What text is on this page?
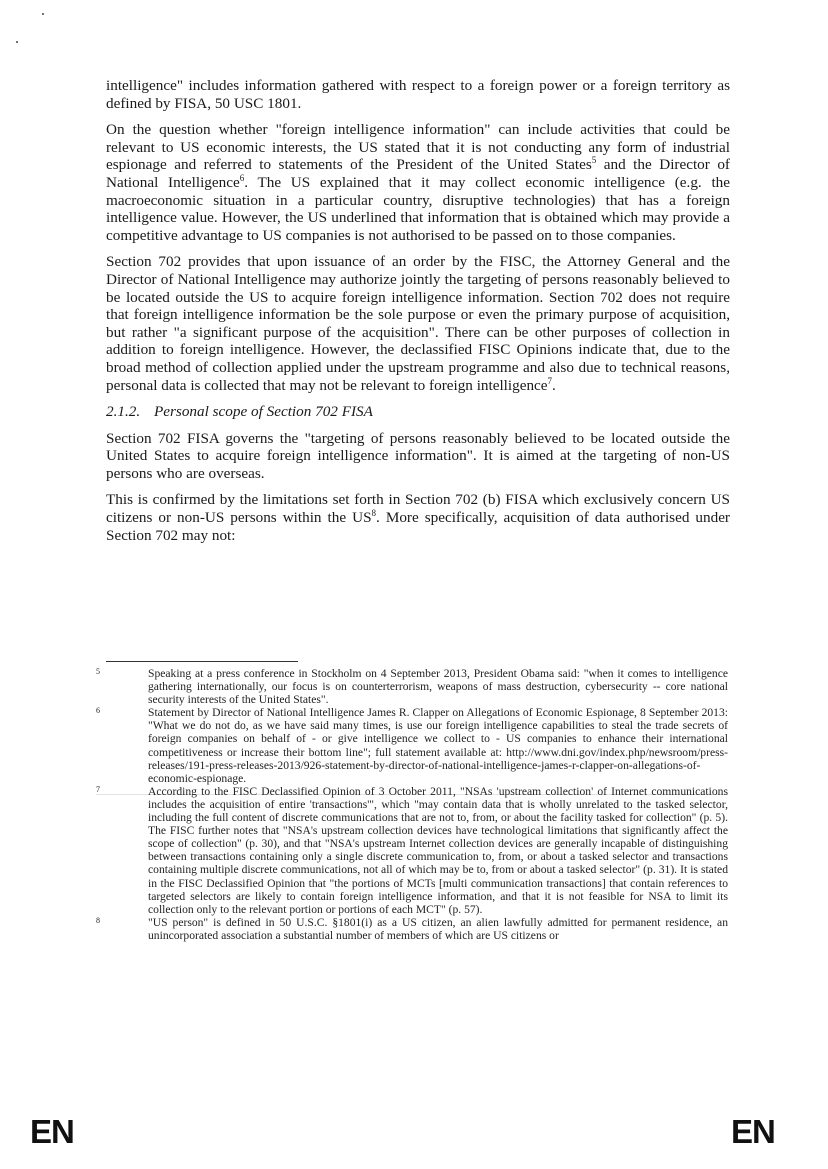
intelligence" includes information gathered with respect to a foreign power or a foreign territory as defined by FISA, 50 USC 1801.

On the question whether "foreign intelligence information" can include activities that could be relevant to US economic interests, the US stated that it is not conducting any form of industrial espionage and referred to statements of the President of the United States$^5$ and the Director of National Intelligence$^6$. The US explained that it may collect economic intelligence (e.g. the macroeconomic situation in a particular country, disruptive technologies) that has a foreign intelligence value. However, the US underlined that information that is obtained which may provide a competitive advantage to US companies is not authorised to be passed on to those companies.

Section 702 provides that upon issuance of an order by the FISC, the Attorney General and the Director of National Intelligence may authorize jointly the targeting of persons reasonably believed to be located outside the US to acquire foreign intelligence information. Section 702 does not require that foreign intelligence information be the sole purpose or even the primary purpose of acquisition, but rather "a significant purpose of the acquisition". There can be other purposes of collection in addition to foreign intelligence. However, the declassified FISC Opinions indicate that, due to the broad method of collection applied under the upstream programme and also due to technical reasons, personal data is collected that may not be relevant to foreign intelligence$^7$.

2.1.2. Personal scope of Section 702 FISA

Section 702 FISA governs the "targeting of persons reasonably believed to be located outside the United States to acquire foreign intelligence information". It is aimed at the targeting of non-US persons who are overseas.

This is confirmed by the limitations set forth in Section 702 (b) FISA which exclusively concern US citizens or non-US persons within the $US^8$. More specifically, acquisition of data authorised under Section 702 may not:

5	Speaking at a press conference in Stockholm on 4 September 2013, President Obama said: "when it comes to intelligence gathering internationally, our focus is on counterterrorism, weapons of mass destruction, cybersecurity -- core national security interests of the United States".

6	Statement by Director of National Intelligence James R. Clapper on Allegations of Economic Espionage, 8 September 2013: "What we do not do, as we have said many times, is use our foreign intelligence capabilities to steal the trade secrets of foreign companies on behalf of - or give intelligence we collect to - US companies to enhance their international competitiveness or increase their bottom line"; full statement available at: http://www.dni.gov/index.php/newsroom/press-releases/191-press-releases-2013/926-statement-by-director-of-national-intelligence-james-r-clapper-on-allegations-of-economic-espionage.

7	According to the FISC Declassified Opinion of 3 October 2011, "NSAs 'upstream collection' of Internet communications includes the acquisition of entire 'transactions'", which "may contain data that is wholly unrelated to the tasked selector, including the full content of discrete communications that are not to, from, or about the facility tasked for collection" (p. 5). The FISC further notes that "NSA's upstream collection devices have technological limitations that significantly affect the scope of collection" (p. 30), and that "NSA's upstream Internet collection devices are generally incapable of distinguishing between transactions containing only a single discrete communication to, from, or about a tasked selector and transactions containing multiple discrete communications, not all of which may be to, from or about a tasked selector" (p. 31). It is stated in the FISC Declassified Opinion that "the portions of MCTs [multi communication transactions] that contain references to targeted selectors are likely to contain foreign intelligence information, and that it is not feasible for NSA to limit its collection only to the relevant portion or portions of each MCT" (p. 57).

8	"US person" is defined in 50 U.S.C. §1801(i) as a US citizen, an alien lawfully admitted for permanent residence, an unincorporated association a substantial number of members of which are US citizens or

EN	EN
